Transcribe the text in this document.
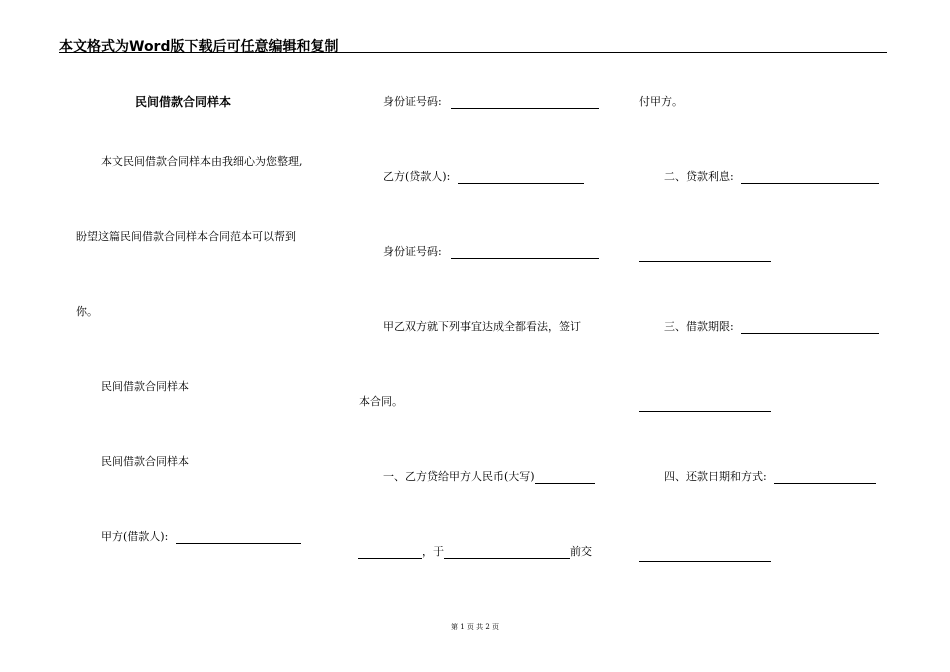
本文格式为Word版下载后可任意编辑和复制
民间借款合同样本
本文民间借款合同样本由我细心为您整理,
盼望这篇民间借款合同样本合同范本可以帮到
你。
民间借款合同样本
民间借款合同样本
甲方(借款人):
身份证号码:
乙方(贷款人):
身份证号码:
甲乙双方就下列事宜达成全都看法，签订
本合同。
一、乙方贷给甲方人民币(大写)
，于	前交
付甲方。
二、贷款利息:
三、借款期限:
四、还款日期和方式:
第 1 页 共 2 页
